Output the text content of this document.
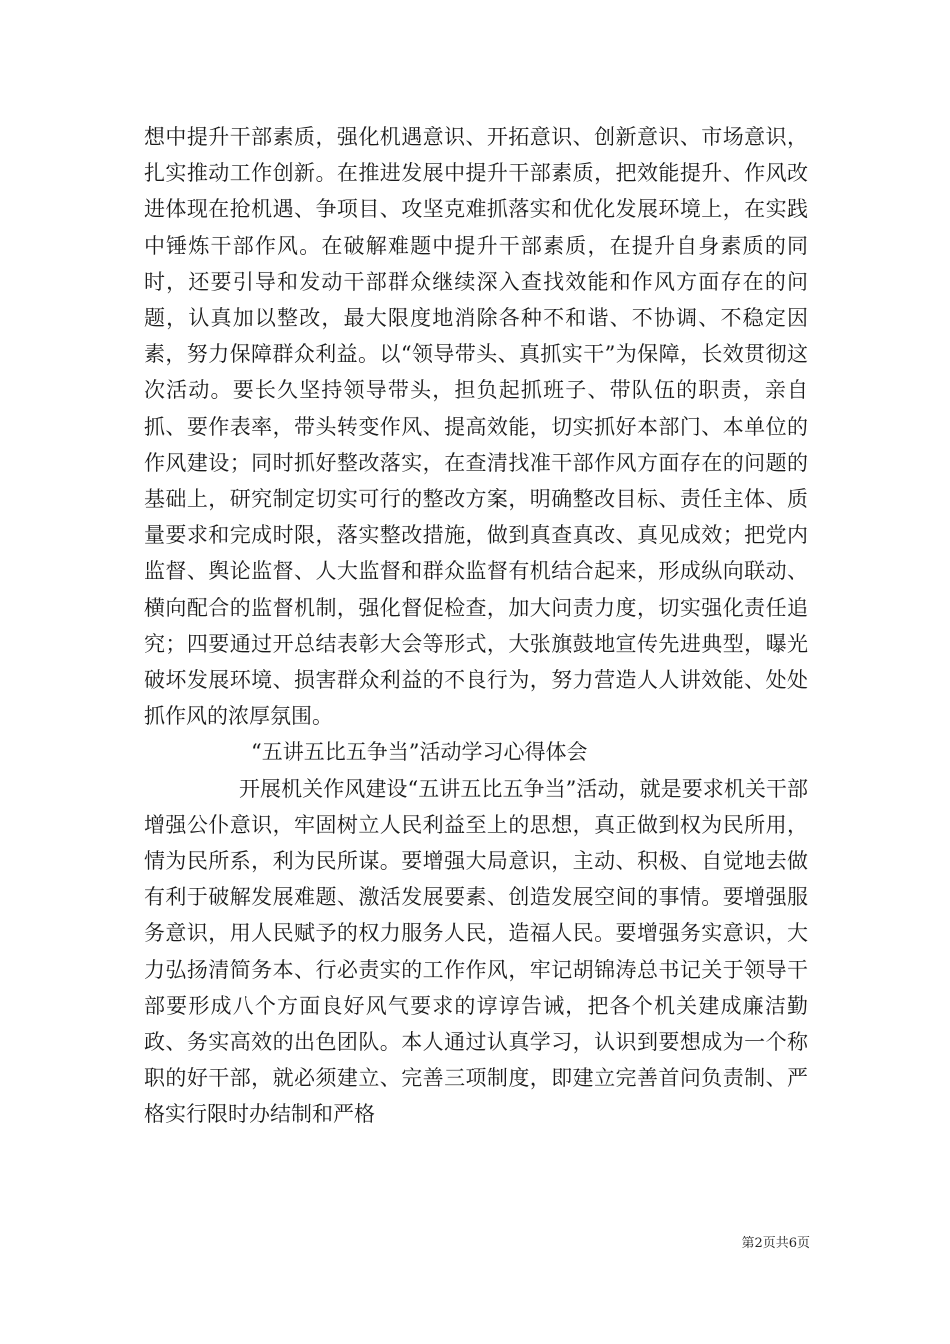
想中提升干部素质，强化机遇意识、开拓意识、创新意识、市场意识，扎实推动工作创新。在推进发展中提升干部素质，把效能提升、作风改进体现在抢机遇、争项目、攻坚克难抓落实和优化发展环境上，在实践中锤炼干部作风。在破解难题中提升干部素质，在提升自身素质的同时，还要引导和发动干部群众继续深入查找效能和作风方面存在的问题，认真加以整改，最大限度地消除各种不和谐、不协调、不稳定因素，努力保障群众利益。以“领导带头、真抓实干”为保障，长效贯彻这次活动。要长久坚持领导带头，担负起抓班子、带队伍的职责，亲自抓、要作表率，带头转变作风、提高效能，切实抓好本部门、本单位的作风建设；同时抓好整改落实，在查清找准干部作风方面存在的问题的基础上，研究制定切实可行的整改方案，明确整改目标、责任主体、质量要求和完成时限，落实整改措施，做到真查真改、真见成效；把党内监督、舆论监督、人大监督和群众监督有机结合起来，形成纵向联动、横向配合的监督机制，强化督促检查，加大问责力度，切实强化责任追究；四要通过开总结表彰大会等形式，大张旗鼓地宣传先进典型，曝光破坏发展环境、损害群众利益的不良行为，努力营造人人讲效能、处处抓作风的浓厚氛围。

“五讲五比五争当”活动学习心得体会

开展机关作风建设“五讲五比五争当”活动，就是要求机关干部增强公仆意识，牢固树立人民利益至上的思想，真正做到权为民所用，情为民所系，利为民所谋。要增强大局意识，主动、积极、自觉地去做有利于破解发展难题、激活发展要素、创造发展空间的事情。要增强服务意识，用人民赋予的权力服务人民，造福人民。要增强务实意识，大力弘扬清简务本、行必责实的工作作风，牢记胡锦涛总书记关于领导干部要形成八个方面良好风气要求的谆谆告诫，把各个机关建成廉洁勤政、务实高效的出色团队。本人通过认真学习，认识到要想成为一个称职的好干部，就必须建立、完善三项制度，即建立完善首问负责制、严格实行限时办结制和严格

第2页共6页
